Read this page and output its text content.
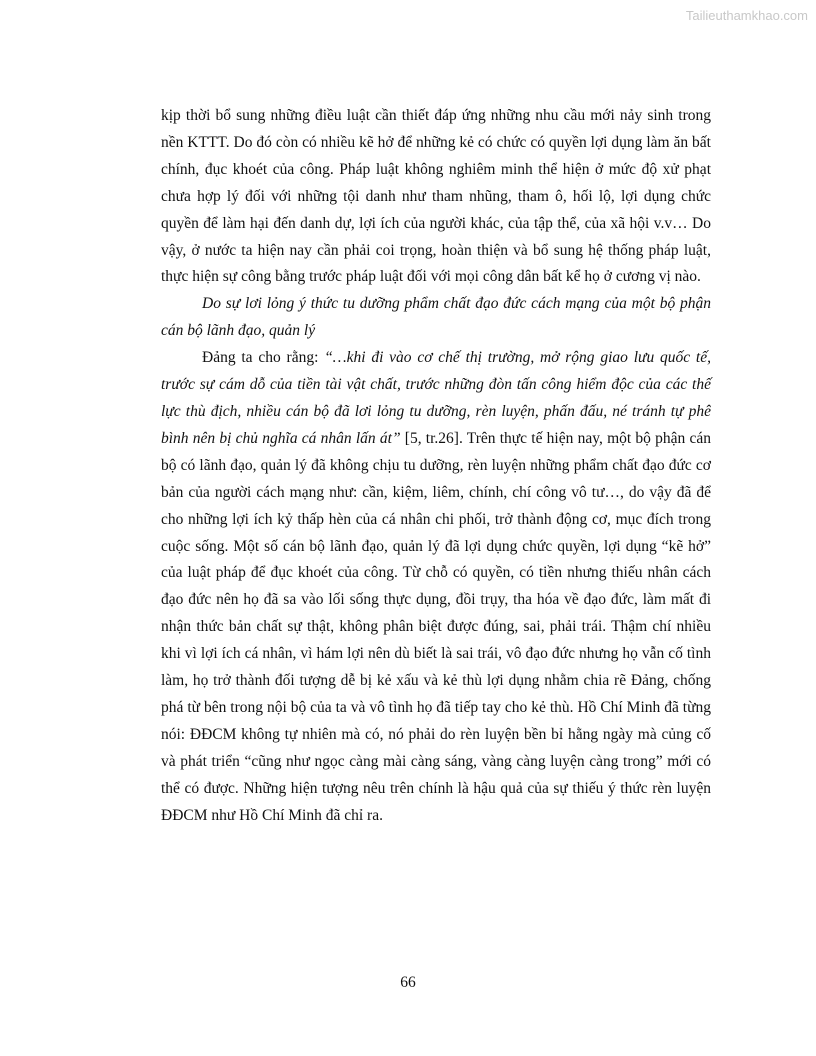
Tailieuthamkhao.com

kịp thời bổ sung những điều luật cần thiết đáp ứng những nhu cầu mới nảy sinh trong nền KTTT. Do đó còn có nhiều kẽ hở để những kẻ có chức có quyền lợi dụng làm ăn bất chính, đục khoét của công. Pháp luật không nghiêm minh thể hiện ở mức độ xử phạt chưa hợp lý đối với những tội danh như tham nhũng, tham ô, hối lộ, lợi dụng chức quyền để làm hại đến danh dự, lợi ích của người khác, của tập thể, của xã hội v.v… Do vậy, ở nước ta hiện nay cần phải coi trọng, hoàn thiện và bổ sung hệ thống pháp luật, thực hiện sự công bằng trước pháp luật đối với mọi công dân bất kể họ ở cương vị nào.

Do sự lơi lỏng ý thức tu dưỡng phẩm chất đạo đức cách mạng của một bộ phận cán bộ lãnh đạo, quản lý

Đảng ta cho rằng: “…khi đi vào cơ chế thị trường, mở rộng giao lưu quốc tế, trước sự cám dỗ của tiền tài vật chất, trước những đòn tấn công hiểm độc của các thế lực thù địch, nhiều cán bộ đã lơi lỏng tu dưỡng, rèn luyện, phấn đấu, né tránh tự phê bình nên bị chủ nghĩa cá nhân lấn át” [5, tr.26]. Trên thực tế hiện nay, một bộ phận cán bộ có lãnh đạo, quản lý đã không chịu tu dưỡng, rèn luyện những phẩm chất đạo đức cơ bản của người cách mạng như: cần, kiệm, liêm, chính, chí công vô tư…, do vậy đã để cho những lợi ích kỷ thấp hèn của cá nhân chi phối, trở thành động cơ, mục đích trong cuộc sống. Một số cán bộ lãnh đạo, quản lý đã lợi dụng chức quyền, lợi dụng “kẽ hở” của luật pháp để đục khoét của công. Từ chỗ có quyền, có tiền nhưng thiếu nhân cách đạo đức nên họ đã sa vào lối sống thực dụng, đồi trụy, tha hóa về đạo đức, làm mất đi nhận thức bản chất sự thật, không phân biệt được đúng, sai, phải trái. Thậm chí nhiều khi vì lợi ích cá nhân, vì hám lợi nên dù biết là sai trái, vô đạo đức nhưng họ vẫn cố tình làm, họ trở thành đối tượng dễ bị kẻ xấu và kẻ thù lợi dụng nhằm chia rẽ Đảng, chống phá từ bên trong nội bộ của ta và vô tình họ đã tiếp tay cho kẻ thù. Hồ Chí Minh đã từng nói: ĐĐCM không tự nhiên mà có, nó phải do rèn luyện bền bỉ hằng ngày mà củng cố và phát triển “cũng như ngọc càng mài càng sáng, vàng càng luyện càng trong” mới có thể có được. Những hiện tượng nêu trên chính là hậu quả của sự thiếu ý thức rèn luyện ĐĐCM như Hồ Chí Minh đã chỉ ra.

66
